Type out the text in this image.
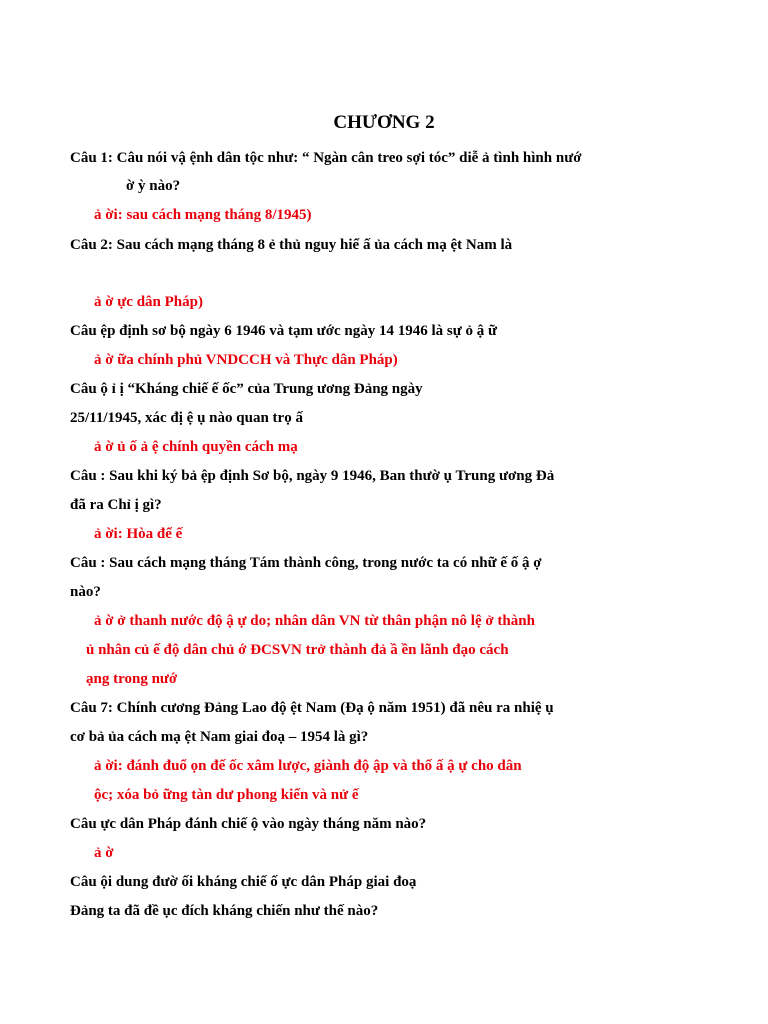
CHƯƠNG 2
Câu 1: Câu nói vậ ệnh dân tộc như: “ Ngàn cân treo sợi tóc” diễ ả tình hình nướ
ờ ỳ nào?
ả ời: sau cách mạng tháng 8/1945)
Câu 2: Sau cách mạng tháng 8 ẻ thủ nguy hiể ấ ủa cách mạ ệt Nam là
ả ờ ực dân Pháp)
Câu ệp định sơ bộ ngày 6 1946 và tạm ước ngày 14 1946 là sự ỏ ậ ữ
ả ờ ữa chính phủ VNDCCH và Thực dân Pháp)
Câu ộ ỉ ị “Kháng chiế ế ốc” của Trung ương Đảng ngày
25/11/1945, xác đị ệ ụ nào quan trọ ấ
ả ờ ủ ố ả ệ chính quyền cách mạ
Câu : Sau khi ký bả ệp định Sơ bộ, ngày 9 1946, Ban thườ ụ Trung ương Đả
đã ra Chỉ ị gì?
ả ời: Hòa để ế
Câu : Sau cách mạng tháng Tám thành công, trong nước ta có nhữ ế ố ậ ợ
nào?
ả ờ ở thanh nước độ ậ ự do; nhân dân VN từ thân phận nô lệ ở thành
ủ nhân củ ế độ dân chủ ớ ĐCSVN trở thành đả ầ ền lãnh đạo cách
ạng trong nướ
Câu 7: Chính cương Đảng Lao độ ệt Nam (Đạ ộ năm 1951) đã nêu ra nhiệ ụ
cơ bả ủa cách mạ ệt Nam giai đoạ – 1954 là gì?
ả ời: đánh đuổ ọn đế ốc xâm lược, giành độ ập và thố ấ ậ ự cho dân
ộc; xóa bỏ ững tàn dư phong kiến và nử ế
Câu ực dân Pháp đánh chiế ộ vào ngày tháng năm nào?
ả ờ
Câu ội dung đườ ối kháng chiế ố ực dân Pháp giai đoạ
Đảng ta đã đề ục đích kháng chiến như thế nào?
